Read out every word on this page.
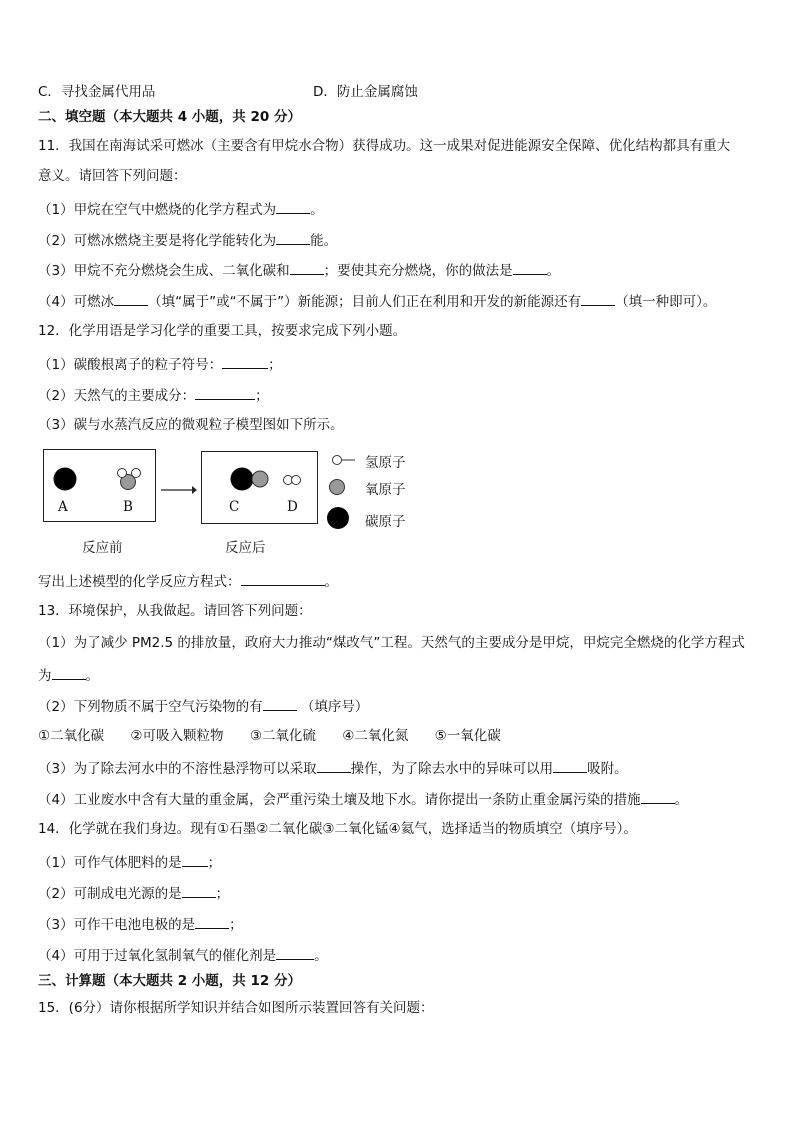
C．寻找金属代用品	D．防止金属腐蚀
二、填空题（本大题共 4 小题，共 20 分）
11．我国在南海试采可燃冰（主要含有甲烷水合物）获得成功。这一成果对促进能源安全保障、优化结构都具有重大
意义。请回答下列问题：
（1）甲烷在空气中燃烧的化学方程式为	。
（2）可燃冰燃烧主要是将化学能转化为	能。
（3）甲烷不充分燃烧会生成、二氧化碳和	；要使其充分燃烧，你的做法是	。
（4）可燃冰	（填“属于”或“不属于”）新能源；目前人们正在利用和开发的新能源还有	（填一种即可）。
12．化学用语是学习化学的重要工具，按要求完成下列小题。
（1）碳酸根离子的粒子符号：	；
（2）天然气的主要成分：	；
（3）碳与水蒸汽反应的微观粒子模型图如下所示。
A	B	C	D
氢原子
氧原子
碳原子
反应前	反应后
写出上述模型的化学反应方程式：	。
13．环境保护，从我做起。请回答下列问题：
（1）为了减少 PM2.5 的排放量，政府大力推动“煤改气”工程。天然气的主要成分是甲烷，甲烷完全燃烧的化学方程式
为	。
（2）下列物质不属于空气污染物的有	（填序号）
①二氧化碳 ②可吸入颗粒物 ③二氧化硫 ④二氧化氮 ⑤一氧化碳
（3）为了除去河水中的不溶性悬浮物可以采取	操作，为了除去水中的异味可以用	吸附。
（4）工业废水中含有大量的重金属，会严重污染土壤及地下水。请你提出一条防止重金属污染的措施	。
14．化学就在我们身边。现有①石墨②二氧化碳③二氧化锰④氦气，选择适当的物质填空（填序号）。
（1）可作气体肥料的是 ；
（2）可制成电光源的是	；
（3）可作干电池电极的是	；
（4）可用于过氧化氢制氧气的催化剂是	。
三、计算题（本大题共 2 小题，共 12 分）
15．(6分）请你根据所学知识并结合如图所示装置回答有关问题：
